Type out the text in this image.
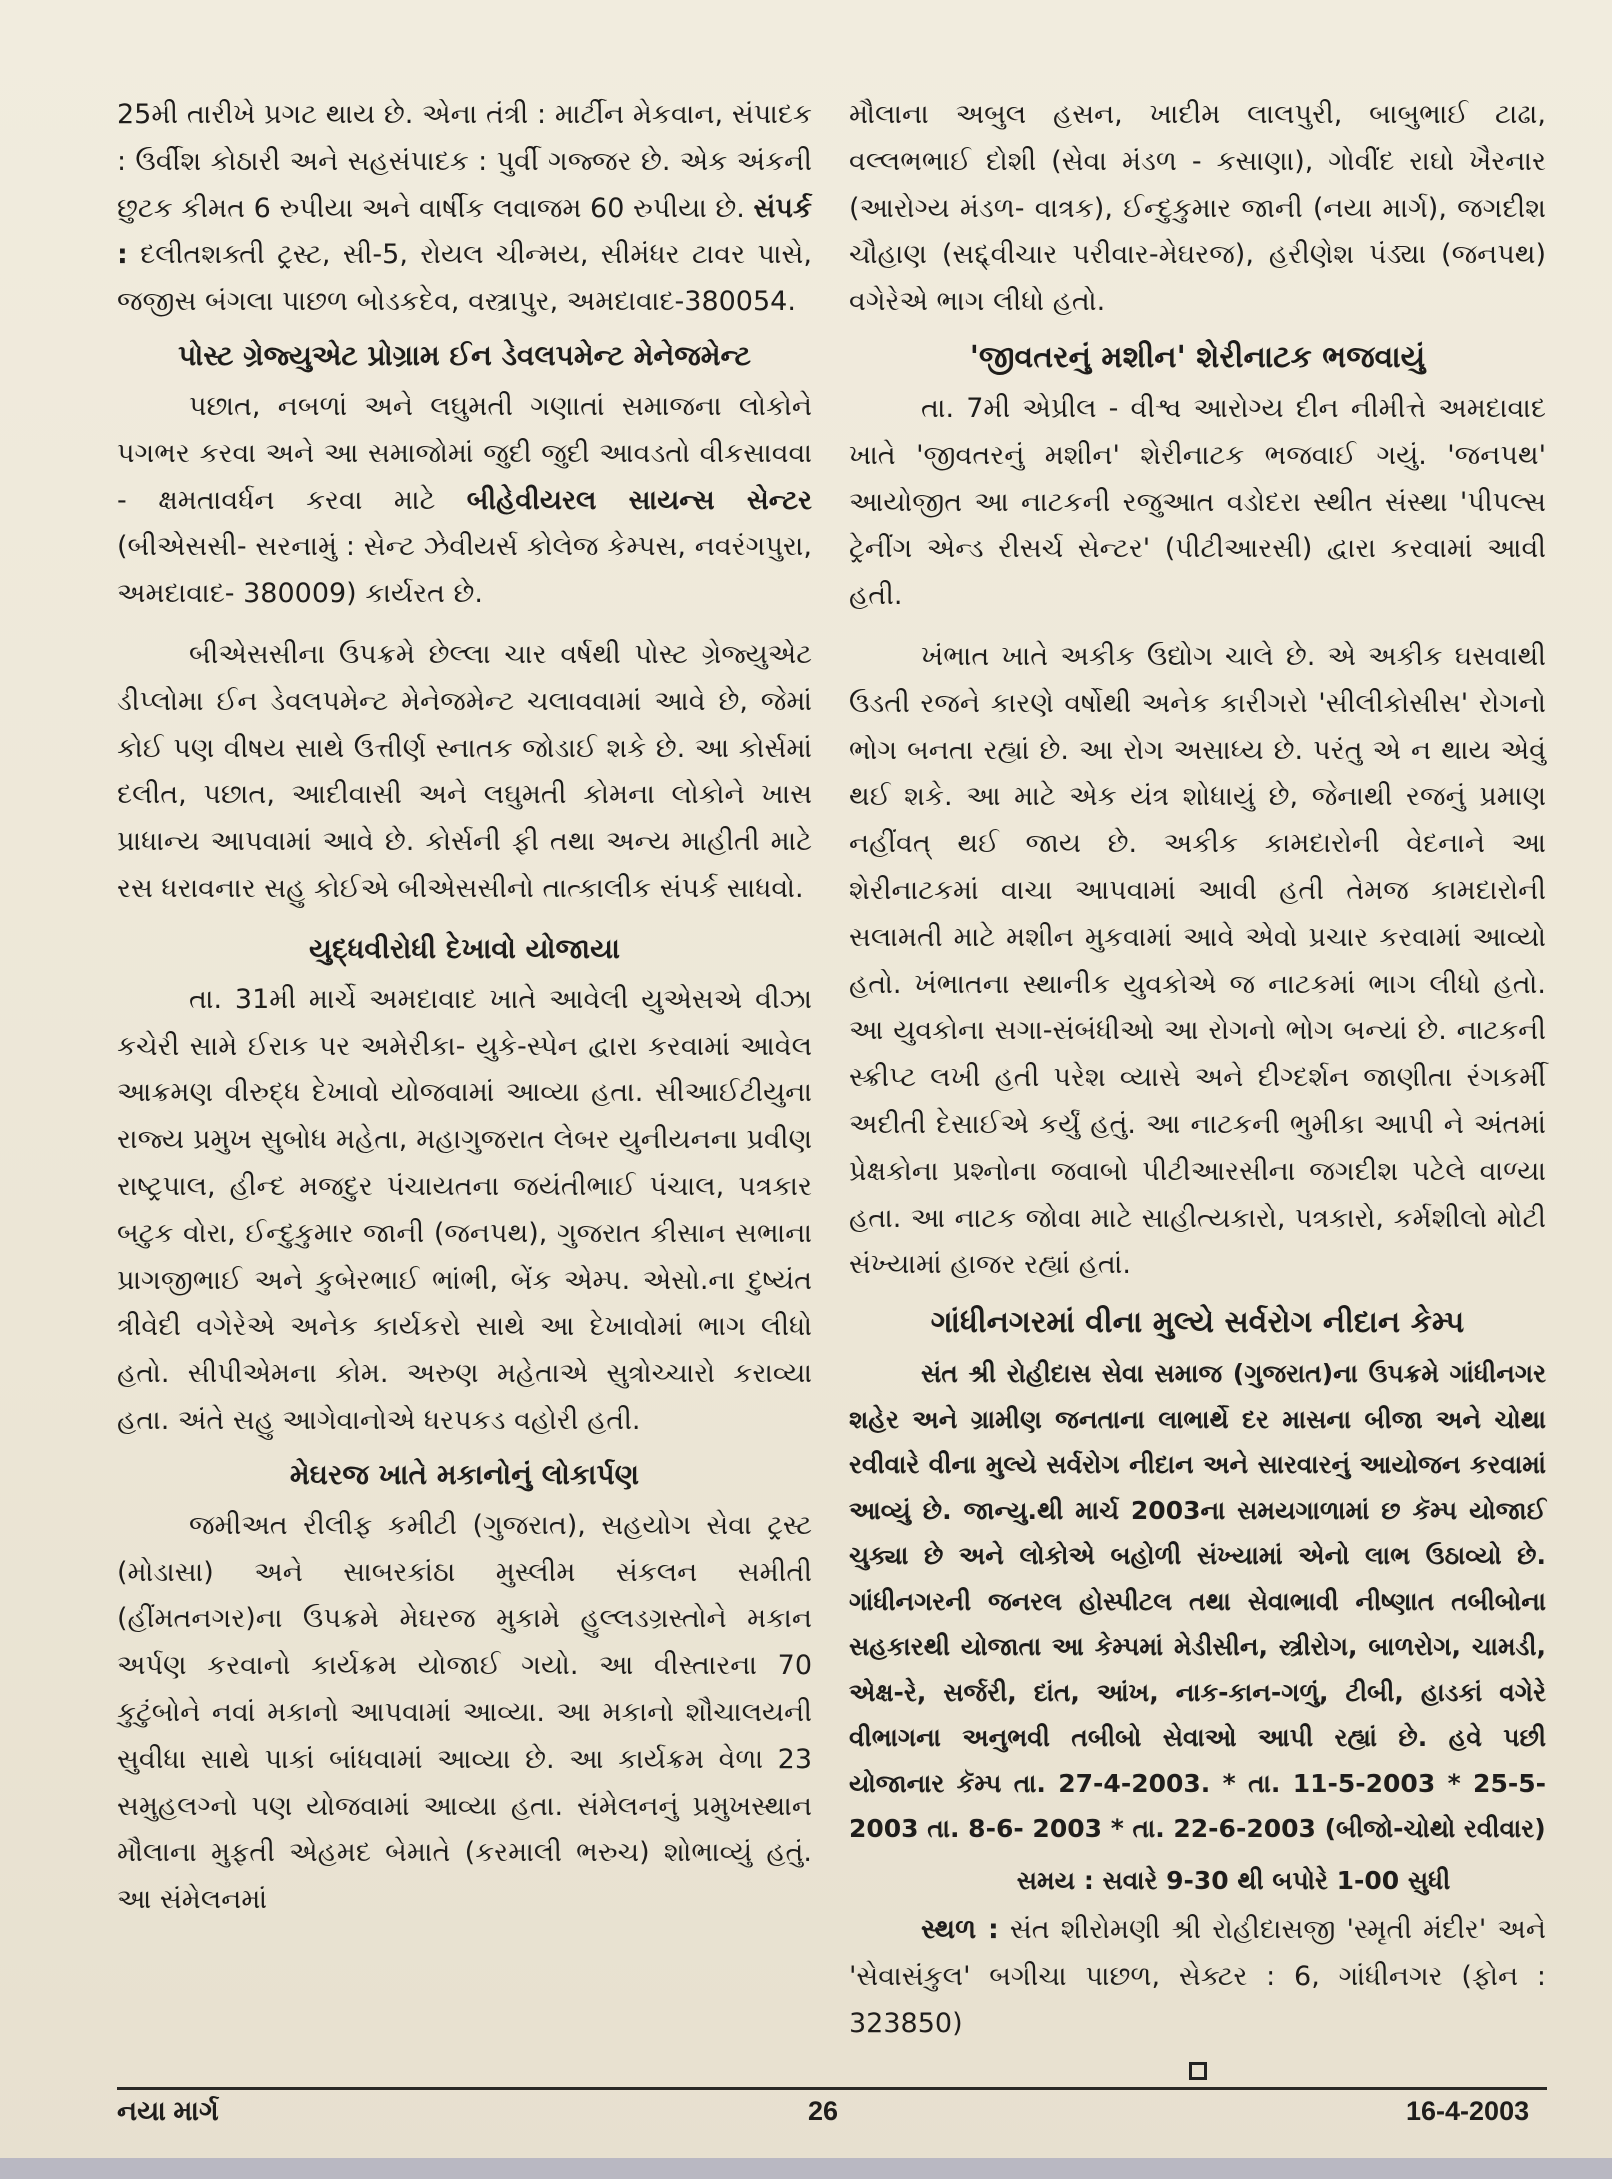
25મી તારીખે પ્રગટ થાય છે. એના તંત્રી : માર્ટીન મેકવાન, સંપાદક : ઉર્વીશ કોઠારી અને સહસંપાદક : પુર્વી ગજ્જર છે. એક અંકની છુટક કીમત 6 રુપીયા અને વાર્ષીક લવાજમ 60 રુપીયા છે. સંપર્ક : દલીતશક્તી ટ્રસ્ટ, સી-5, રોયલ ચીન્મય, સીમંધર ટાવર પાસે, જજીસ બંગલા પાછળ બોડકદેવ, વસ્ત્રાપુર, અમદાવાદ-380054.

પોસ્ટ ગ્રેજ્યુએટ પ્રોગ્રામ ઈન ડેવલપમેન્ટ મેનેજમેન્ટ

પછાત, નબળાં અને લઘુમતી ગણાતાં સમાજના લોકોને પગભર કરવા અને આ સમાજોમાં જુદી જુદી આવડતો વીકસાવવા - ક્ષમતાવર્ધન કરવા માટે બીહેવીયરલ સાયન્સ સેન્ટર (બીએસસી- સરનામું : સેન્ટ ઝેવીયર્સ કોલેજ કેમ્પસ, નવરંગપુરા, અમદાવાદ- 380009) કાર્યરત છે.

બીએસસીના ઉપક્રમે છેલ્લા ચાર વર્ષથી પોસ્ટ ગ્રેજ્યુએટ ડીપ્લોમા ઈન ડેવલપમેન્ટ મેનેજમેન્ટ ચલાવવામાં આવે છે, જેમાં કોઈ પણ વીષય સાથે ઉત્તીર્ણ સ્નાતક જોડાઈ શકે છે. આ કોર્સમાં દલીત, પછાત, આદીવાસી અને લઘુમતી કોમના લોકોને ખાસ પ્રાધાન્ય આપવામાં આવે છે. કોર્સની ફી તથા અન્ય માહીતી માટે રસ ધરાવનાર સહુ કોઈએ બીએસસીનો તાત્કાલીક સંપર્ક સાધવો.

યુદ્ધવીરોધી દેખાવો યોજાયા

તા. 31મી માર્ચે અમદાવાદ ખાતે આવેલી યુએસએ વીઝા કચેરી સામે ઈરાક પર અમેરીકા- યુકે-સ્પેન દ્વારા કરવામાં આવેલ આક્રમણ વીરુદ્ધ દેખાવો યોજવામાં આવ્યા હતા. સીઆઈટીયુના રાજ્ય પ્રમુખ સુબોધ મહેતા, મહાગુજરાત લેબર યુનીયનના પ્રવીણ રાષ્ટ્રપાલ, હીન્દ મજદુર પંચાયતના જયંતીભાઈ પંચાલ, પત્રકાર બટુક વોરા, ઈન્દુકુમાર જાની (જનપથ), ગુજરાત કીસાન સભાના પ્રાગજીભાઈ અને કુબેરભાઈ ભાંભી, બેંક એમ્પ. એસો.ના દુષ્યંત ત્રીવેદી વગેરેએ અનેક કાર્યકરો સાથે આ દેખાવોમાં ભાગ લીધો હતો. સીપીએમના કોમ. અરુણ મહેતાએ સુત્રોચ્ચારો કરાવ્યા હતા. અંતે સહુ આગેવાનોએ ધરપકડ વહોરી હતી.

મેઘરજ ખાતે મકાનોનું લોકાર્પણ

જમીઅત રીલીફ કમીટી (ગુજરાત), સહયોગ સેવા ટ્રસ્ટ (મોડાસા) અને સાબરકાંઠા મુસ્લીમ સંકલન સમીતી (હીંમતનગર)ના ઉપક્રમે મેઘરજ મુકામે હુલ્લડગ્રસ્તોને મકાન અર્પણ કરવાનો કાર્યક્રમ યોજાઈ ગયો. આ વીસ્તારના 70 કુટુંબોને નવાં મકાનો આપવામાં આવ્યા. આ મકાનો શૌચાલયની સુવીધા સાથે પાકાં બાંધવામાં આવ્યા છે. આ કાર્યક્રમ વેળા 23 સમુહલગ્નો પણ યોજવામાં આવ્યા હતા. સંમેલનનું પ્રમુખસ્થાન મૌલાના મુફતી એહમદ બેમાતે (કરમાલી ભરુચ) શોભાવ્યું હતું. આ સંમેલનમાં

મૌલાના અબુલ હસન, ખાદીમ લાલપુરી, બાબુભાઈ ટાઢા, વલ્લભભાઈ દોશી (સેવા મંડળ - કસાણા), ગોવીંદ રાઘો ખૈરનાર (આરોગ્ય મંડળ- વાત્રક), ઈન્દુકુમાર જાની (નયા માર્ગ), જગદીશ ચૌહાણ (સદ્દ્વીચાર પરીવાર-મેઘરજ), હરીણેશ પંડ્યા (જનપથ) વગેરેએ ભાગ લીધો હતો.

'જીવતરનું મશીન' શેરીનાટક ભજવાયું

તા. 7મી એપ્રીલ - વીશ્વ આરોગ્ય દીન નીમીત્તે અમદાવાદ ખાતે 'જીવતરનું મશીન' શેરીનાટક ભજવાઈ ગયું. 'જનપથ' આયોજીત આ નાટકની રજુઆત વડોદરા સ્થીત સંસ્થા 'પીપલ્સ ટ્રેનીંગ એન્ડ રીસર્ચ સેન્ટર' (પીટીઆરસી) દ્વારા કરવામાં આવી હતી.

ખંભાત ખાતે અકીક ઉદ્યોગ ચાલે છે. એ અકીક ઘસવાથી ઉડતી રજને કારણે વર્ષોથી અનેક કારીગરો 'સીલીકોસીસ' રોગનો ભોગ બનતા રહ્યાં છે. આ રોગ અસાધ્ય છે. પરંતુ એ ન થાય એવું થઈ શકે. આ માટે એક યંત્ર શોધાયું છે, જેનાથી રજનું પ્રમાણ નહીંવત્ થઈ જાય છે. અકીક કામદારોની વેદનાને આ શેરીનાટકમાં વાચા આપવામાં આવી હતી તેમજ કામદારોની સલામતી માટે મશીન મુકવામાં આવે એવો પ્રચાર કરવામાં આવ્યો હતો. ખંભાતના સ્થાનીક યુવકોએ જ નાટકમાં ભાગ લીધો હતો. આ યુવકોના સગા-સંબંધીઓ આ રોગનો ભોગ બન્યાં છે. નાટકની સ્ક્રીપ્ટ લખી હતી પરેશ વ્યાસે અને દીગ્દર્શન જાણીતા રંગકર્મી અદીતી દેસાઈએ કર્યું હતું. આ નાટકની ભુમીકા આપી ને અંતમાં પ્રેક્ષકોના પ્રશ્નોના જવાબો પીટીઆરસીના જગદીશ પટેલે વાળ્યા હતા. આ નાટક જોવા માટે સાહીત્યકારો, પત્રકારો, કર્મશીલો મોટી સંખ્યામાં હાજર રહ્યાં હતાં.

ગાંધીનગરમાં વીના મુલ્યે સર્વરોગ નીદાન કેમ્પ

સંત શ્રી રોહીદાસ સેવા સમાજ (ગુજરાત)ના ઉપક્રમે ગાંધીનગર શહેર અને ગ્રામીણ જનતાના લાભાર્થે દર માસના બીજા અને ચોથા રવીવારે વીના મુલ્યે સર્વરોગ નીદાન અને સારવારનું આયોજન કરવામાં આવ્યું છે. જાન્યુ.થી માર્ચ 2003ના સમયગાળામાં છ કૅમ્પ યોજાઈ ચુક્યા છે અને લોકોએ બહોળી સંખ્યામાં એનો લાભ ઉઠાવ્યો છે. ગાંધીનગરની જનરલ હોસ્પીટલ તથા સેવાભાવી નીષ્ણાત તબીબોના સહકારથી યોજાતા આ કેમ્પમાં મેડીસીન, સ્ત્રીરોગ, બાળરોગ, ચામડી, એક્ષ-રે, સર્જરી, દાંત, આંખ, નાક-કાન-ગળું, ટીબી, હાડકાં વગેરે વીભાગના અનુભવી તબીબો સેવાઓ આપી રહ્યાં છે. હવે પછી યોજાનાર કૅમ્પ તા. 27-4-2003. * તા. 11-5-2003 * 25-5-2003 તા. 8-6- 2003 * તા. 22-6-2003 (બીજો-ચોથો રવીવાર)

સમય : સવારે 9-30 થી બપોરે 1-00 સુધી

સ્થળ : સંત શીરોમણી શ્રી રોહીદાસજી 'સ્મૃતી મંદીર' અને 'સેવાસંકુલ' બગીચા પાછળ, સેક્ટર : 6, ગાંધીનગર (ફોન : 323850)

નયા માર્ગ	26	16-4-2003
